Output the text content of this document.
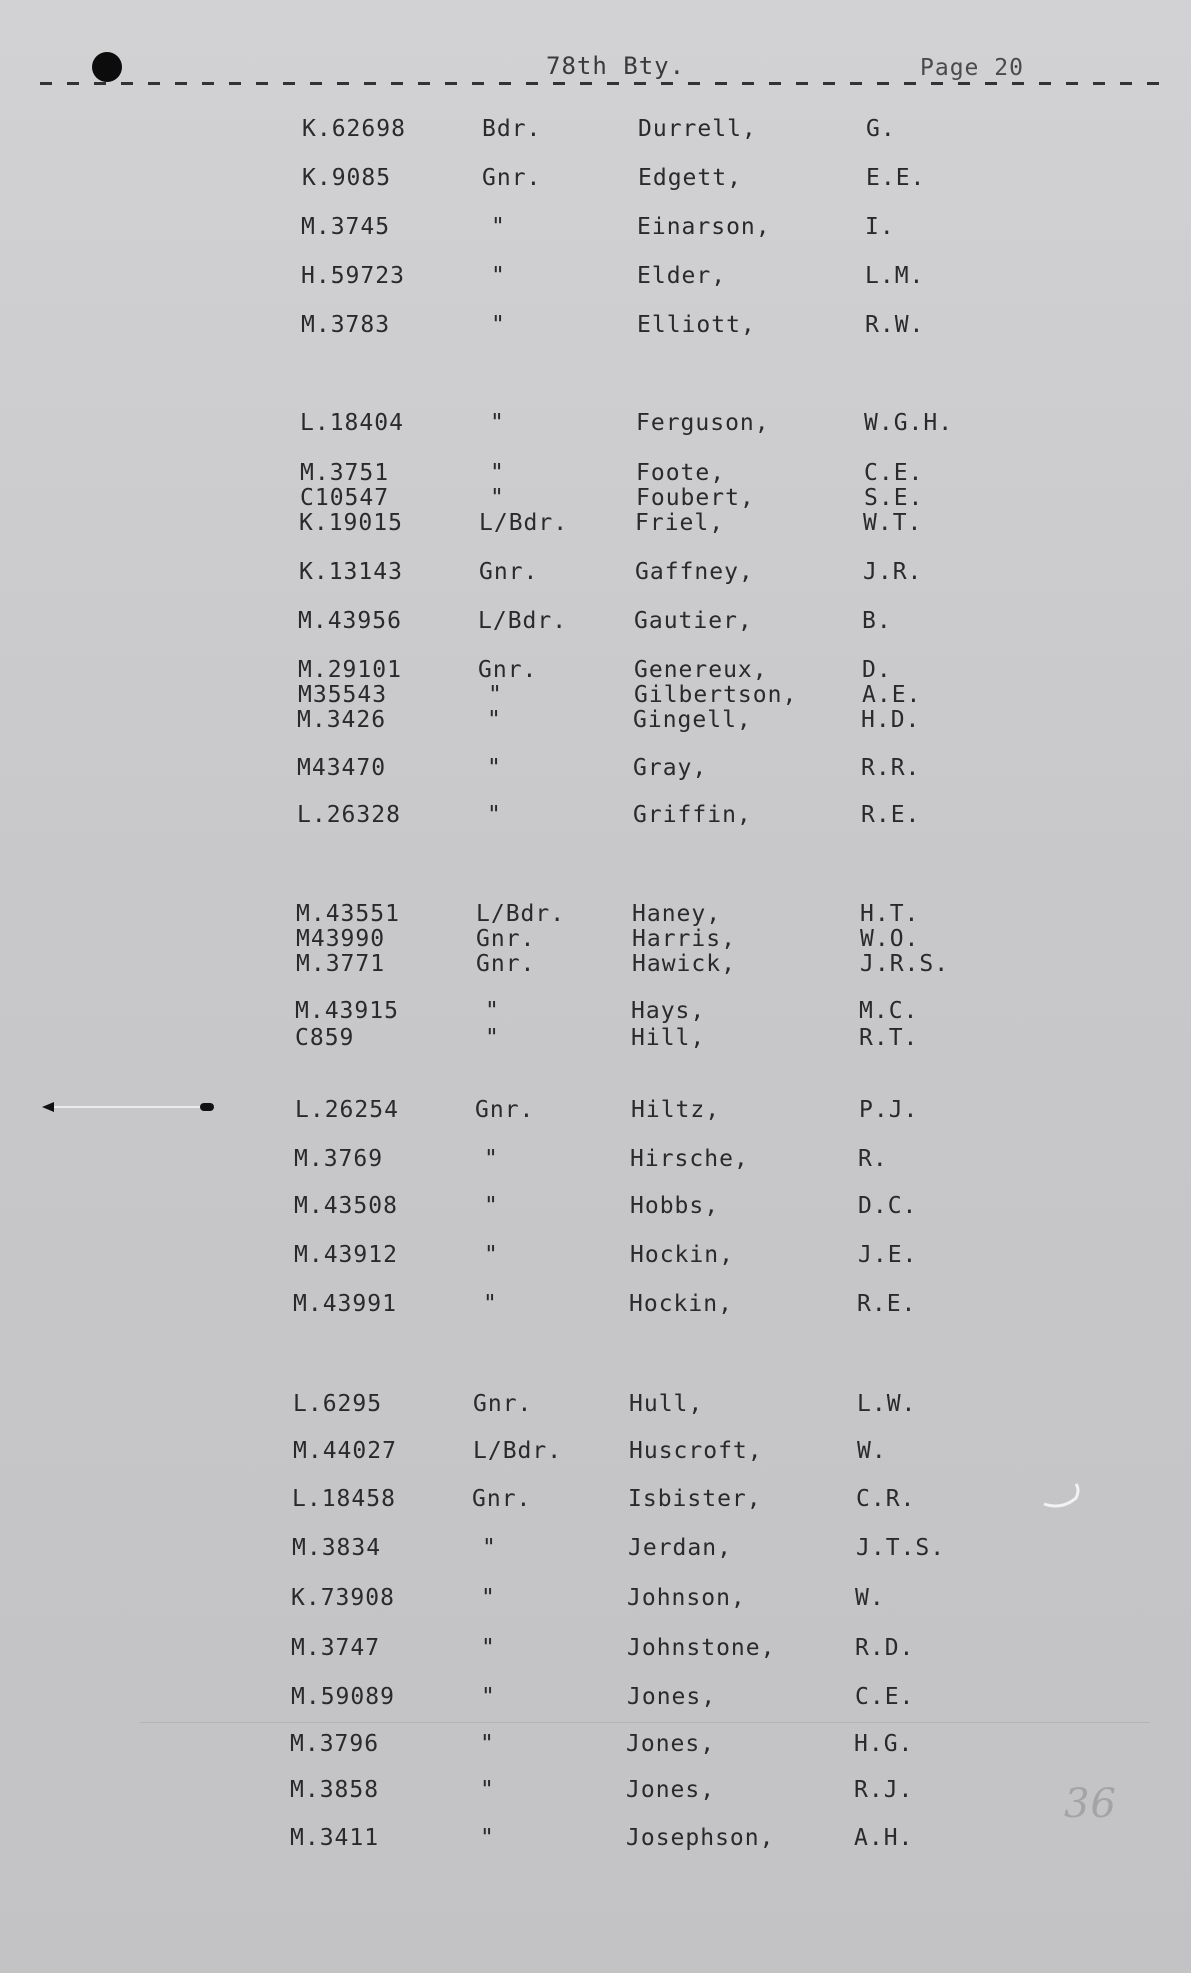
78th Bty.	Page 20
K.62698	Bdr.	Durrell,	G.
K.9085	Gnr.	Edgett,	E.E.
M.3745	"	Einarson,	I.
H.59723	"	Elder,	L.M.
M.3783	"	Elliott,	R.W.
L.18404	"	Ferguson,	W.G.H.
M.3751	"	Foote,	C.E.
C10547	"	Foubert,	S.E.
K.19015	L/Bdr.	Friel,	W.T.
K.13143	Gnr.	Gaffney,	J.R.
M.43956	L/Bdr.	Gautier,	B.
M.29101	Gnr.	Genereux,	D.
M35543	"	Gilbertson,	A.E.
M.3426	"	Gingell,	H.D.
M43470	"	Gray,	R.R.
L.26328	"	Griffin,	R.E.
M.43551	L/Bdr.	Haney,	H.T.
M43990	Gnr.	Harris,	W.O.
M.3771	Gnr.	Hawick,	J.R.S.
M.43915	"	Hays,	M.C.
C859	"	Hill,	R.T.
L.26254	Gnr.	Hiltz,	P.J.
M.3769	"	Hirsche,	R.
M.43508	"	Hobbs,	D.C.
M.43912	"	Hockin,	J.E.
M.43991	"	Hockin,	R.E.
L.6295	Gnr.	Hull,	L.W.
M.44027	L/Bdr.	Huscroft,	W.
L.18458	Gnr.	Isbister,	C.R.
M.3834	"	Jerdan,	J.T.S.
K.73908	"	Johnson,	W.
M.3747	"	Johnstone,	R.D.
M.59089	"	Jones,	C.E.
M.3796	"	Jones,	H.G.
M.3858	"	Jones,	R.J.
M.3411	"	Josephson,	A.H.
36
